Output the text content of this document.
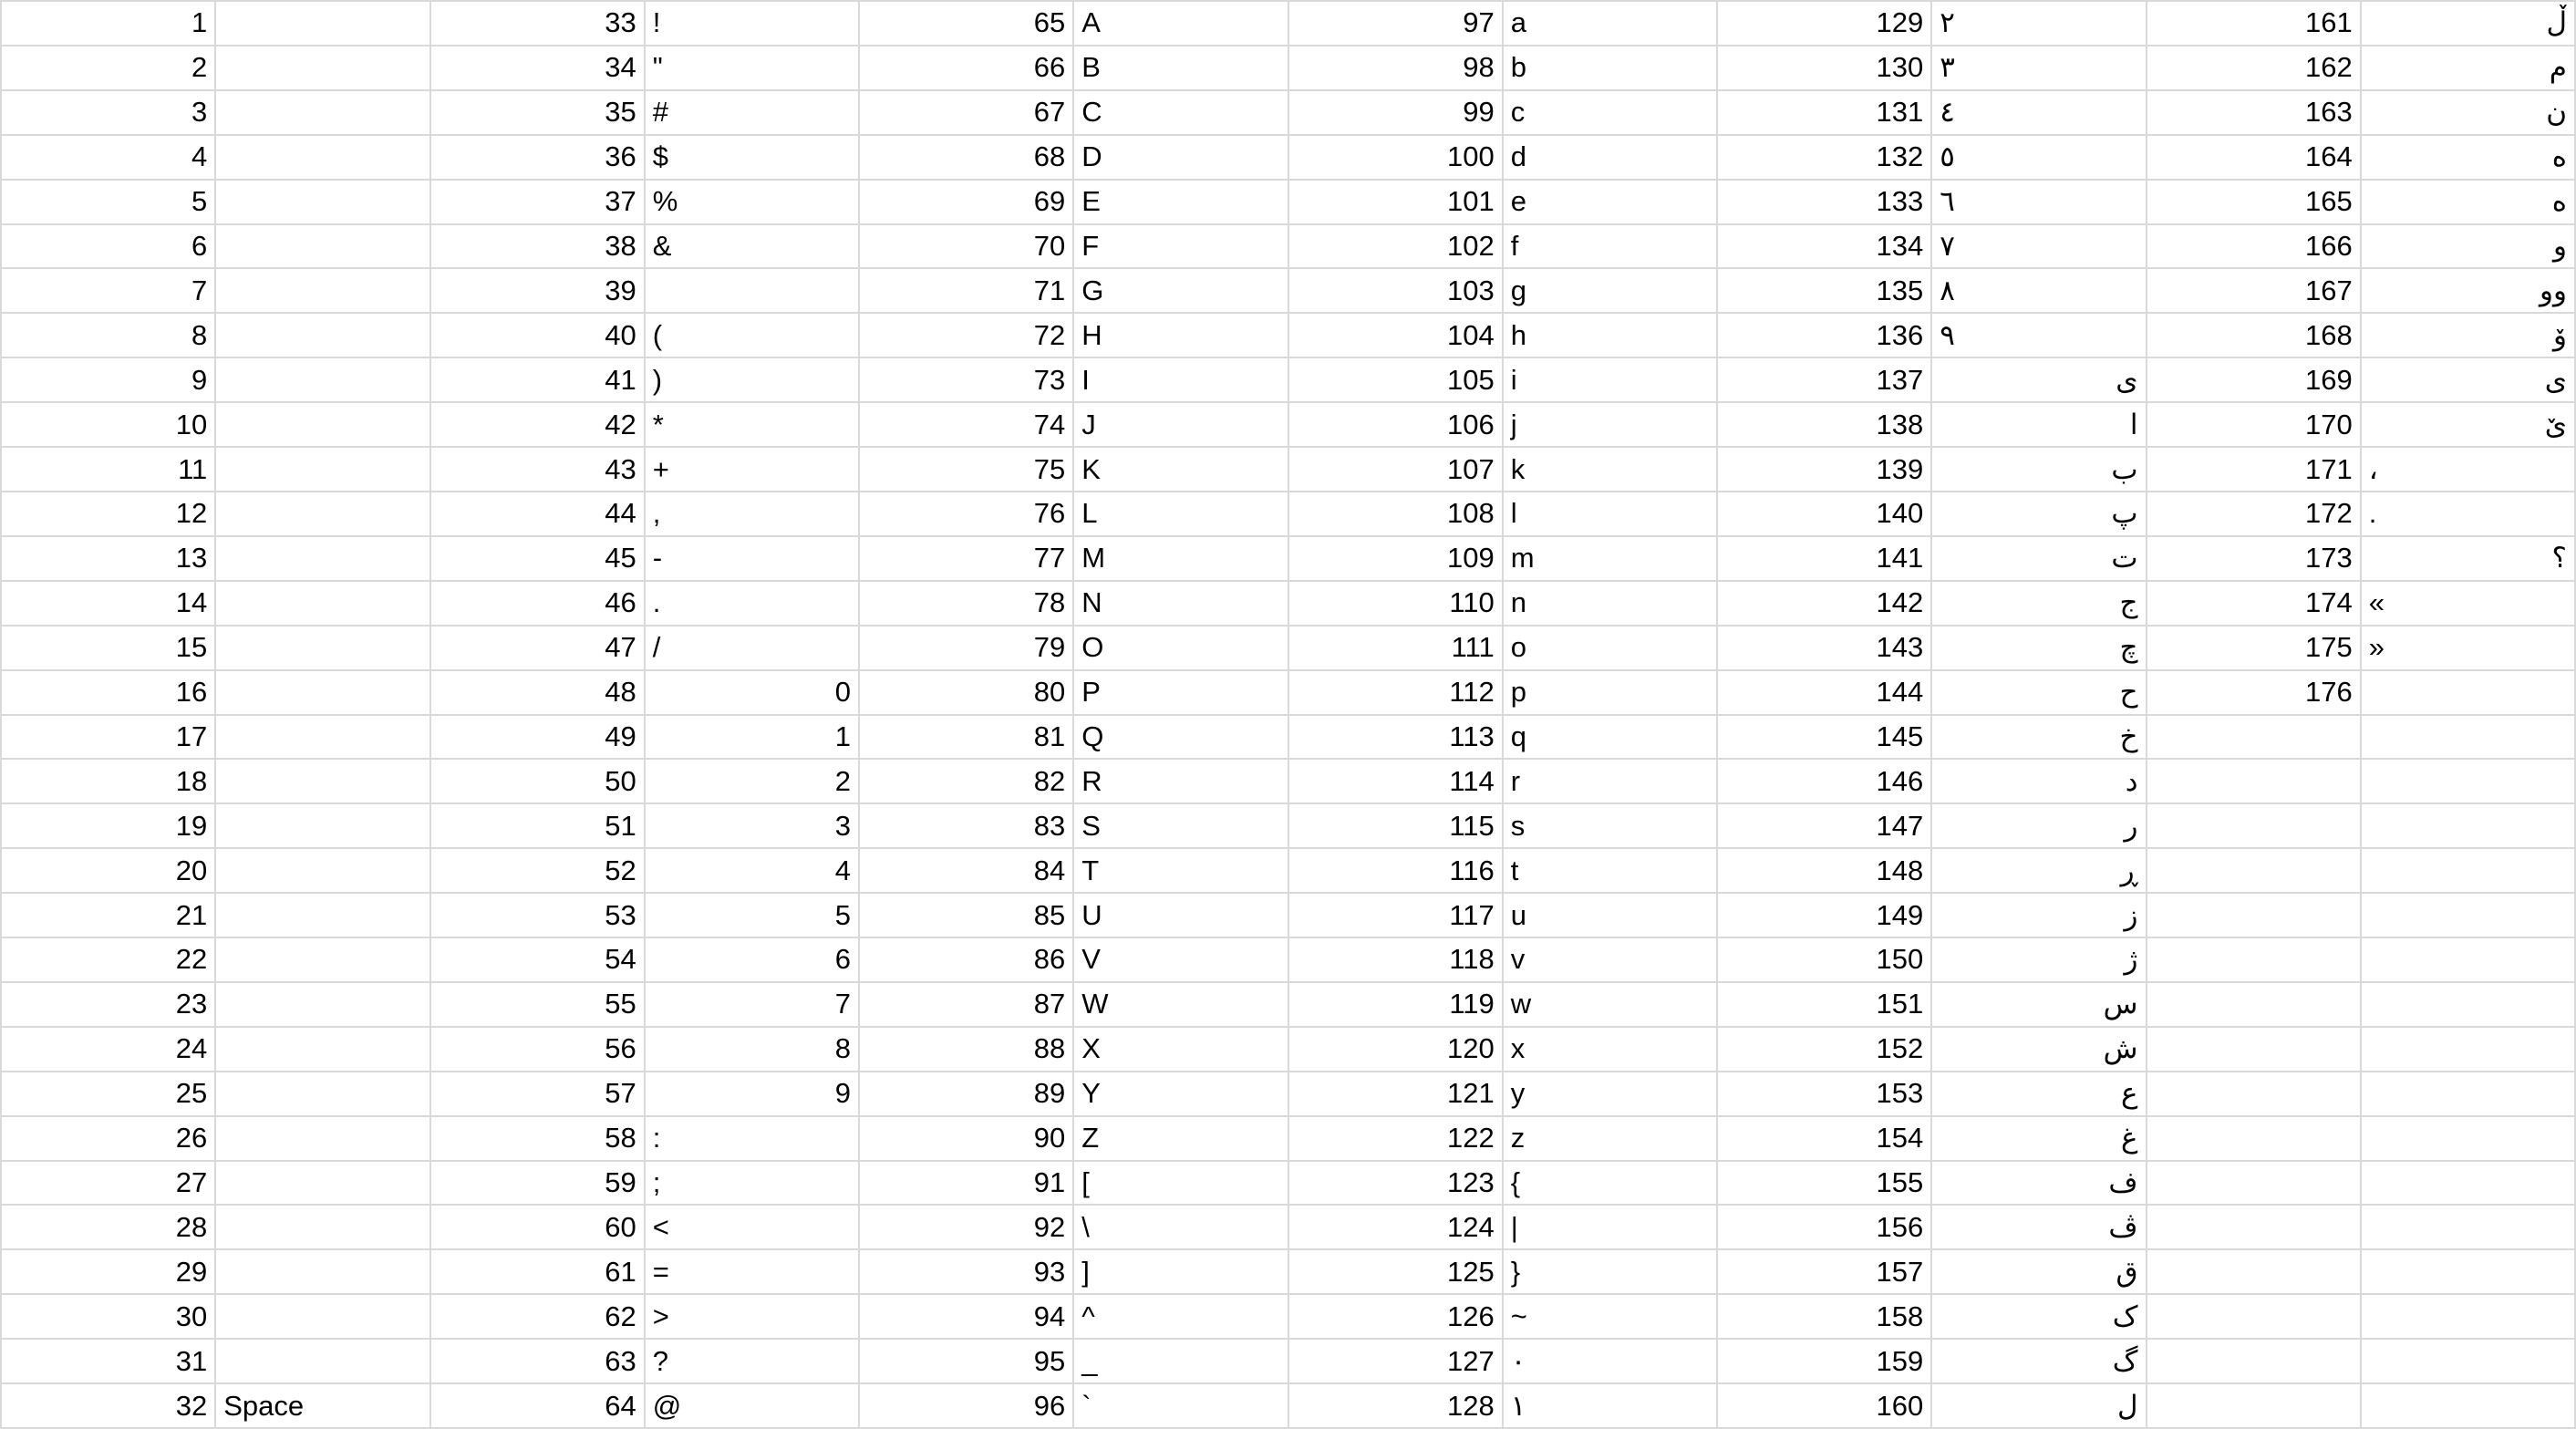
1	33 !	65 A	97 a	129 ٢	161	ڵ
2	34 "	66 B	98 b	130 ٣	162	م
3	35 #	67 C	99 c	131 ٤	163	ن
4	36 $	68 D	100 d	132 ٥	164	ه
5	37 %	69 E	101 e	133 ٦	165	ە
6	38 &	70 F	102 f	134 ٧	166	و
7	39	71 G	103 g	135 ٨	167	وو
8	40 (	72 H	104 h	136 ٩	168	ۆ
9	41 )	73 I	105 i	137	ی	169	ی
10	42 *	74 J	106 j	138	ا	170	ێ
11	43 +	75 K	107 k	139	ب	171 ،
12	44 ,	76 L	108 l	140	پ	172 .
13	45 -	77 M	109 m	141	ت	173	؟
14	46 .	78 N	110 n	142	ج	174 «
15	47 /	79 O	111 o	143	چ	175 »
16	48	0	80 P	112 p	144	ح	176
17	49	1	81 Q	113 q	145	خ
18	50	2	82 R	114 r	146	د
19	51	3	83 S	115 s	147	ر
20	52	4	84 T	116 t	148	ڕ
21	53	5	85 U	117 u	149	ز
22	54	6	86 V	118 v	150	ژ
23	55	7	87 W	119 w	151	س
24	56	8	88 X	120 x	152	ش
25	57	9	89 Y	121 y	153	ع
26	58 :	90 Z	122 z	154	غ
27	59 ;	91 [	123 {	155	ف
28	60 <	92 \	124 |	156	ڤ
29	61 =	93 ]	125 }	157	ق
30	62 >	94 ^	126 ~	158	ک
31	63 ?	95 _	127 ٠	159	گ
32 Space	64 @	96 `	128 ١	160	ل
